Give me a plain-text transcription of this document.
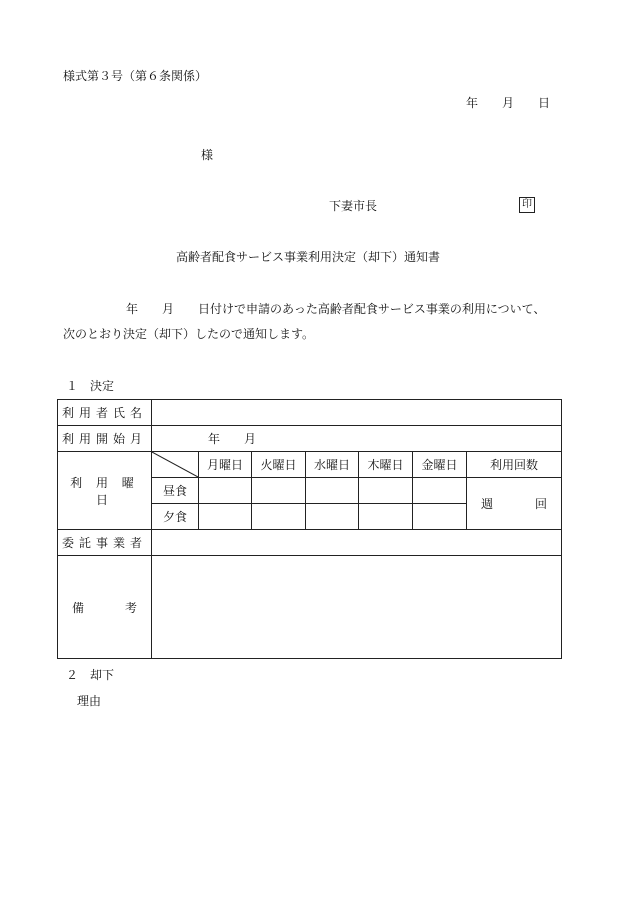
様式第３号（第６条関係）
年　　月　　日
様
下妻市長	印
高齢者配食サービス事業利用決定（却下）通知書
年　　月　　日付けで申請のあった高齢者配食サービス事業の利用について、
次のとおり決定（却下）したので通知します。
１　決定
利用者氏名							
利用開始月	年　　月						
利 用 曜 日		月曜日	火曜日	水曜日	木曜日	金曜日	利用回数
	昼食						週 回

	夕食						
委託事業者							

備 考							

２　却下
理由
